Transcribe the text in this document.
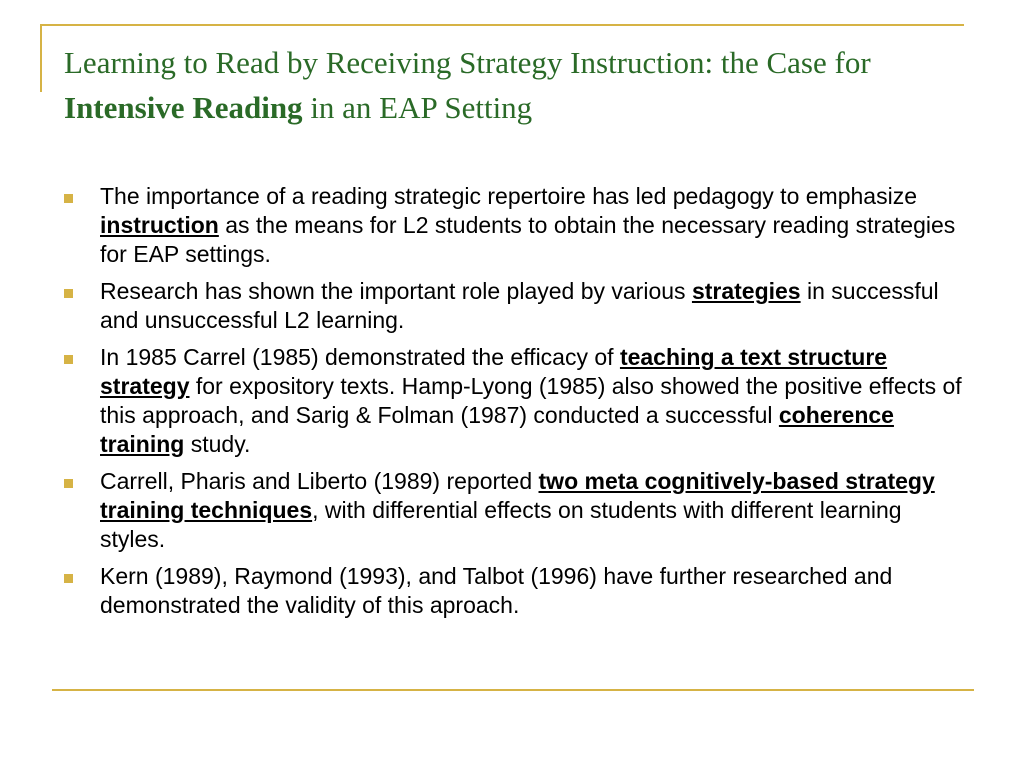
Learning to Read by Receiving Strategy Instruction: the Case for Intensive Reading in an EAP Setting
The importance of a reading strategic repertoire has led pedagogy to emphasize instruction as the means for L2 students to obtain the necessary reading strategies for EAP settings.
Research has shown the important role played by various strategies in successful and unsuccessful L2 learning.
In 1985 Carrel (1985) demonstrated the efficacy of teaching a text structure strategy for expository texts. Hamp-Lyong (1985) also showed the positive effects of this approach, and Sarig & Folman (1987) conducted a successful coherence training study.
Carrell, Pharis and Liberto (1989) reported two meta cognitively-based strategy training techniques, with differential effects on students with different learning styles.
Kern (1989), Raymond (1993), and Talbot (1996) have further researched and demonstrated the validity of this aproach.
